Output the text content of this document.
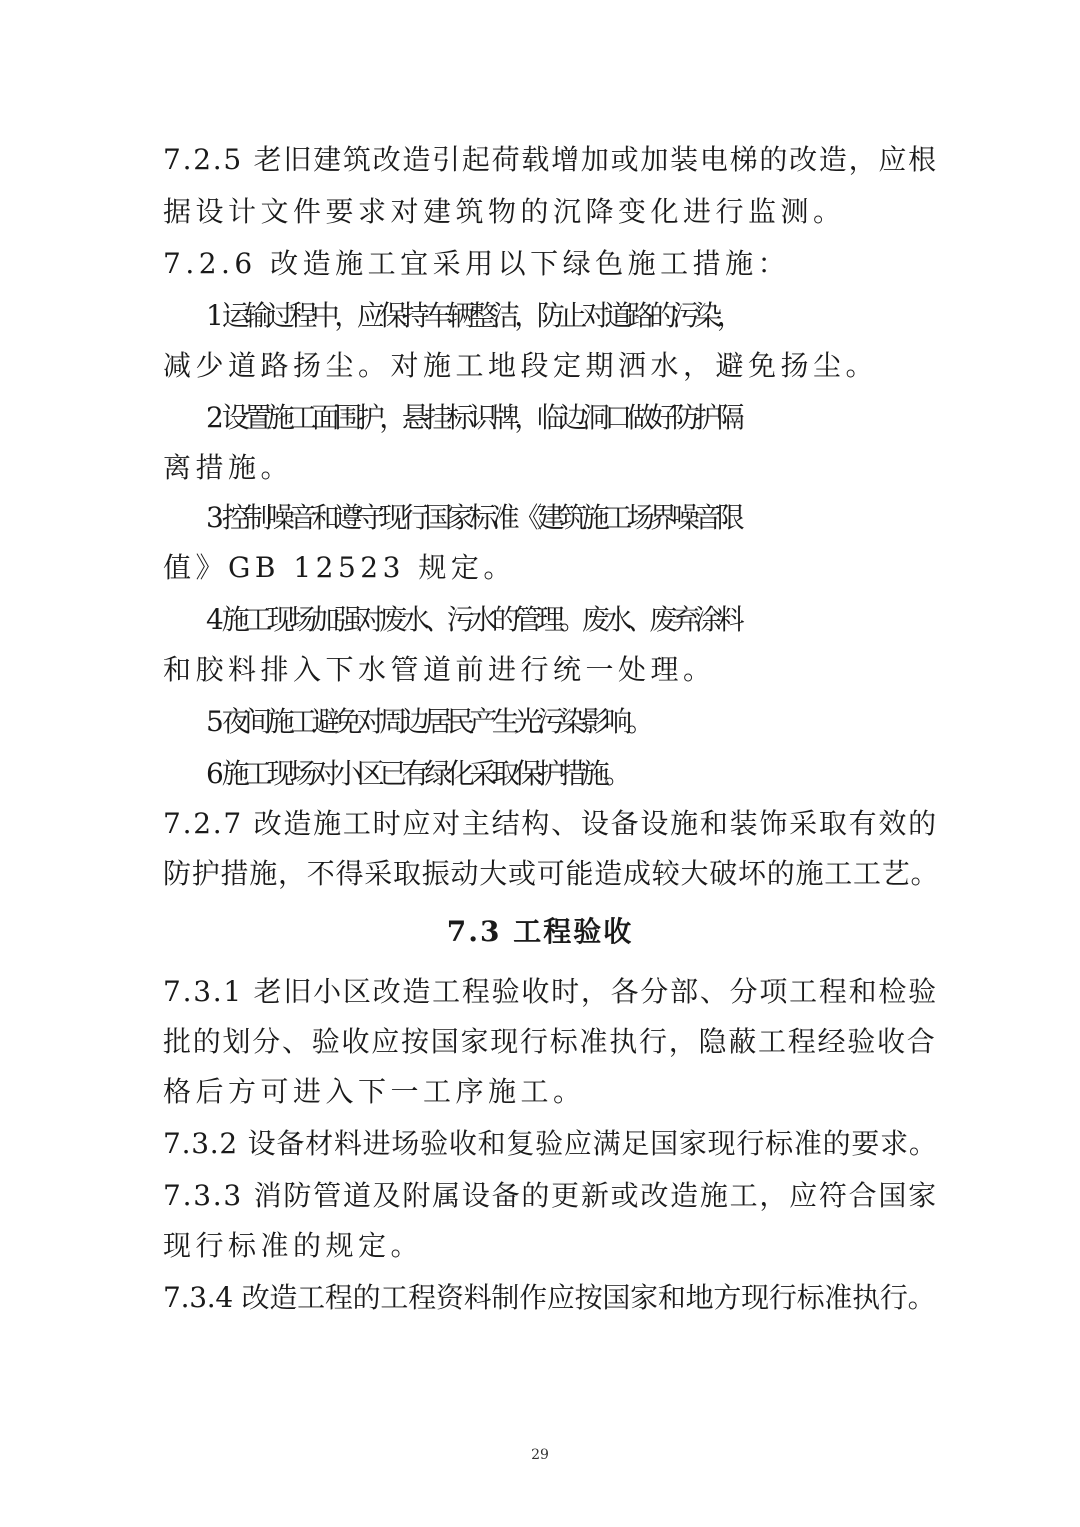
7.2.5 老旧建筑改造引起荷载增加或加装电梯的改造，应根
据设计文件要求对建筑物的沉降变化进行监测。
7.2.6 改造施工宜采用以下绿色施工措施：
1 运输过程中，应保持车辆整洁，防止对道路的污染，
减少道路扬尘。对施工地段定期洒水，避免扬尘。
2 设置施工面围护，悬挂标识牌，临边洞口做好防护隔
离措施。
3 控制噪音和遵守现行国家标准《建筑施工场界噪音限
值》GB 12523 规定。
4 施工现场加强对废水、污水的管理。废水、废弃涂料
和胶料排入下水管道前进行统一处理。
5 夜间施工避免对周边居民产生光污染影响。
6 施工现场对小区已有绿化采取保护措施。
7.2.7 改造施工时应对主结构、设备设施和装饰采取有效的
防护措施，不得采取振动大或可能造成较大破坏的施工工艺。
7.3 工程验收
7.3.1 老旧小区改造工程验收时，各分部、分项工程和检验
批的划分、验收应按国家现行标准执行，隐蔽工程经验收合
格后方可进入下一工序施工。
7.3.2 设备材料进场验收和复验应满足国家现行标准的要求。
7.3.3 消防管道及附属设备的更新或改造施工，应符合国家
现行标准的规定。
7.3.4 改造工程的工程资料制作应按国家和地方现行标准执行。
29
